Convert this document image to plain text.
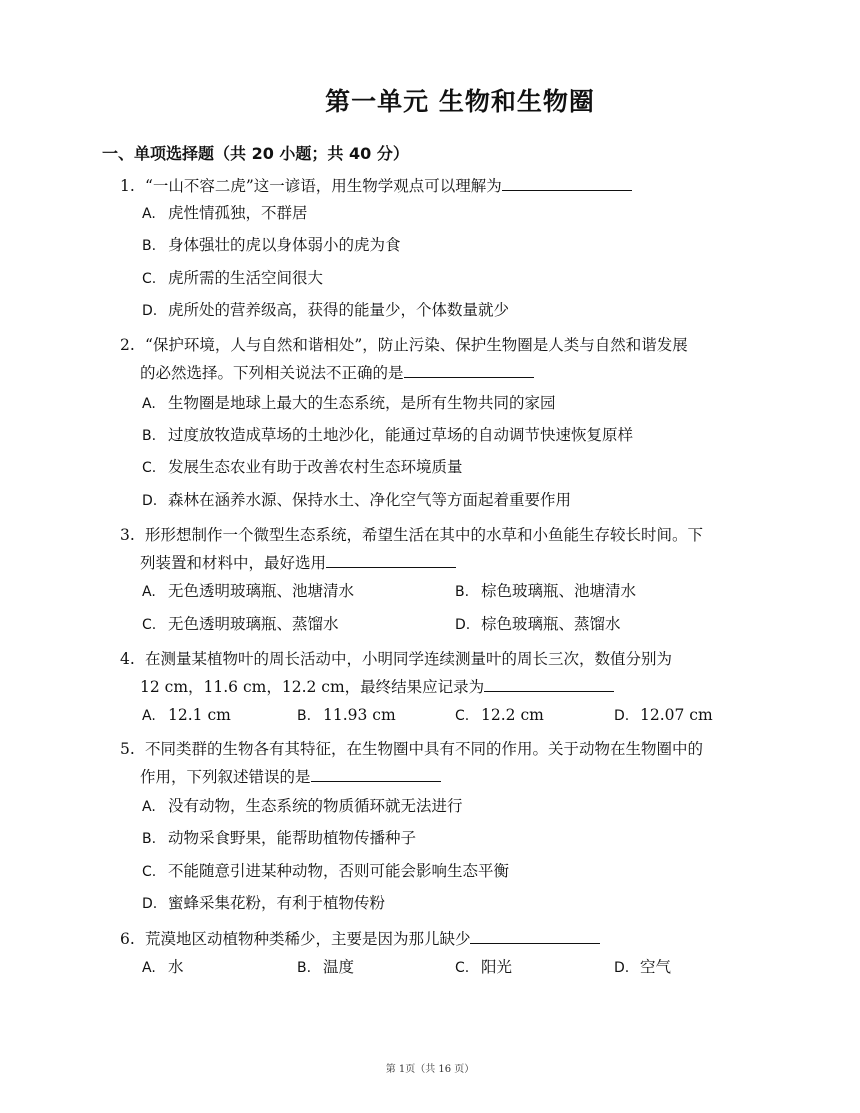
第一单元 生物和生物圈
一、单项选择题（共 20 小题；共 40 分）
1. “一山不容二虎”这一谚语，用生物学观点可以理解为
A. 虎性情孤独，不群居
B. 身体强壮的虎以身体弱小的虎为食
C. 虎所需的生活空间很大
D. 虎所处的营养级高，获得的能量少，个体数量就少
2. “保护环境，人与自然和谐相处”，防止污染、保护生物圈是人类与自然和谐发展
的必然选择。下列相关说法不正确的是
A. 生物圈是地球上最大的生态系统，是所有生物共同的家园
B. 过度放牧造成草场的土地沙化，能通过草场的自动调节快速恢复原样
C. 发展生态农业有助于改善农村生态环境质量
D. 森林在涵养水源、保持水土、净化空气等方面起着重要作用
3. 形形想制作一个微型生态系统，希望生活在其中的水草和小鱼能生存较长时间。下
列装置和材料中，最好选用
A. 无色透明玻璃瓶、池塘清水	B. 棕色玻璃瓶、池塘清水
C. 无色透明玻璃瓶、蒸馏水	D. 棕色玻璃瓶、蒸馏水
4. 在测量某植物叶的周长活动中，小明同学连续测量叶的周长三次，数值分别为
12 cm，11.6 cm，12.2 cm，最终结果应记录为
A. 12.1 cm	B. 11.93 cm	C. 12.2 cm	D. 12.07 cm
5. 不同类群的生物各有其特征，在生物圈中具有不同的作用。关于动物在生物圈中的
作用，下列叙述错误的是
A. 没有动物，生态系统的物质循环就无法进行
B. 动物采食野果，能帮助植物传播种子
C. 不能随意引进某种动物，否则可能会影响生态平衡
D. 蜜蜂采集花粉，有利于植物传粉
6. 荒漠地区动植物种类稀少，主要是因为那儿缺少
A. 水	B. 温度	C. 阳光	D. 空气
第 1页（共 16 页）
